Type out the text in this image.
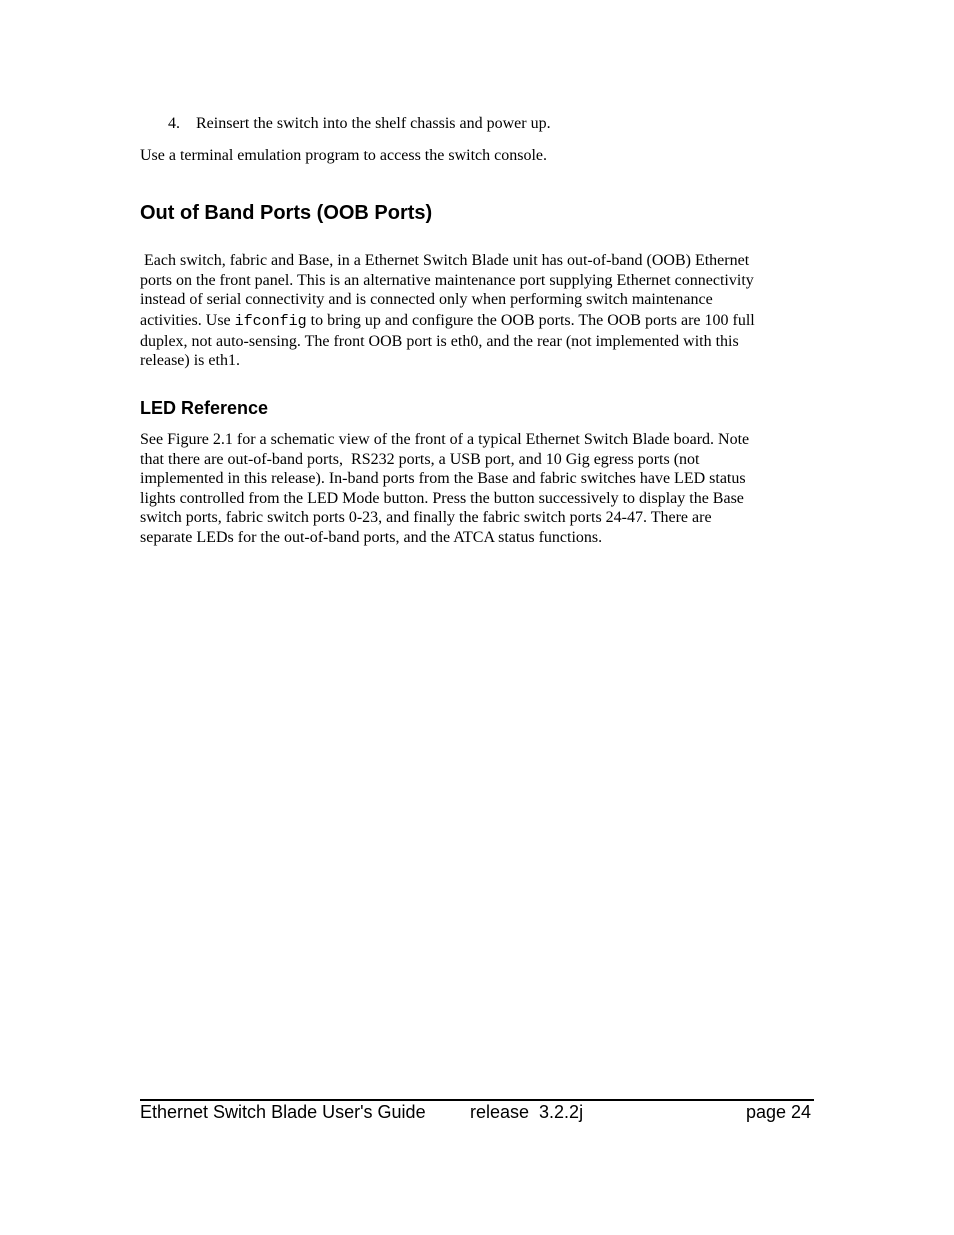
4. Reinsert the switch into the shelf chassis and power up.

Use a terminal emulation program to access the switch console.

Out of Band Ports (OOB Ports)

Each switch, fabric and Base, in a Ethernet Switch Blade unit has out-of-band (OOB) Ethernet
ports on the front panel. This is an alternative maintenance port supplying Ethernet connectivity
instead of serial connectivity and is connected only when performing switch maintenance
activities. Use ifconfig to bring up and configure the OOB ports. The OOB ports are 100 full
duplex, not auto-sensing. The front OOB port is eth0, and the rear (not implemented with this
release) is eth1.

LED Reference

See Figure 2.1 for a schematic view of the front of a typical Ethernet Switch Blade board. Note
that there are out-of-band ports,  RS232 ports, a USB port, and 10 Gig egress ports (not
implemented in this release). In-band ports from the Base and fabric switches have LED status
lights controlled from the LED Mode button. Press the button successively to display the Base
switch ports, fabric switch ports 0-23, and finally the fabric switch ports 24-47. There are
separate LEDs for the out-of-band ports, and the ATCA status functions.

Ethernet Switch Blade User's Guide release  3.2.2j	page 24
